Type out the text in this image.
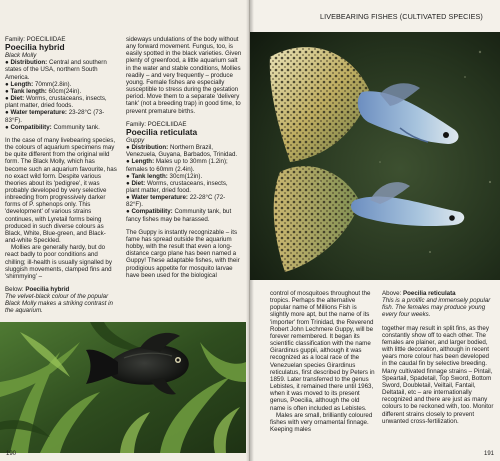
LIVEBEARING FISHES (CULTIVATED SPECIES)

Family: POECILIIDAE

Poecilia hybrid

Black Molly

● Distribution: Central and southern states of the USA, northern South America.

● Length: 70mm(2.8in).

● Tank length: 60cm(24in).

● Diet: Worms, crustaceans, insects, plant matter, dried foods.

● Water temperature: 23-28°C (73-83°F).

● Compatibility: Community tank.

In the case of many livebearing species, the colours of aquarium specimens may be quite different from the original wild form. The Black Molly, which has become such an aquarium favourite, has no exact wild form. Despite various theories about its 'pedigree', it was probably developed by very selective inbreeding from progressively darker forms of P. sphenops only. This 'development' of various strains continues, with Lyretail forms being produced in such diverse colours as Black, White, Blue-green, and Black-and-white Speckled.

Mollies are generally hardy, but do react badly to poor conditions and chilling; ill-health is usually signalled by sluggish movements, clamped fins and 'shimmying' –

Below: Poecilia hybrid

The velvet-black colour of the popular Black Molly makes a striking contrast in the aquarium.

sideways undulations of the body without any forward movement. Fungus, too, is easily spotted in the black varieties. Given plenty of greenfood, a little aquarium salt in the water and stable conditions, Mollies readily – and very frequently – produce young. Female fishes are especially susceptible to stress during the gestation period. Move them to a separate 'delivery tank' (not a breeding trap) in good time, to prevent premature births.

Family: POECILIIDAE

Poecilia reticulata

Guppy

● Distribution: Northern Brazil, Venezuela, Guyana, Barbados, Trinidad.

● Length: Males up to 30mm (1.2in); females to 60mm (2.4in).

● Tank length: 30cm(12in).

● Diet: Worms, crustaceans, insects, plant matter, dried food.

● Water temperature: 22-28°C (72-82°F).

● Compatibility: Community tank, but fancy fishes may be harassed.

The Guppy is instantly recognizable – its fame has spread outside the aquarium hobby, with the result that even a long-distance cargo plane has been named a Guppy! These adaptable fishes, with their prodigious appetite for mosquito larvae have been used for the biological

control of mosquitoes throughout the tropics. Perhaps the alternative popular name of Millions Fish is slightly more apt, but the name of its 'importer' from Trinidad, the Reverend Robert John Lechmere Guppy, will be forever remembered. It began its scientific classification with the name Girardinus guppii, although it was recognized as a local race of the Venezuelan species Girardinus reticulatus, first described by Peters in 1859. Later transferred to the genus Lebistes, it remained there until 1963, when it was moved to its present genus, Poecilia, although the old name is often included as Lebistes.

Males are small, brilliantly coloured fishes with very ornamental finnage. Keeping males

Above: Poecilia reticulata

This is a prolific and immensely popular fish. The females may produce young every four weeks.

together may result in split fins, as they constantly show off to each other. The females are plainer, and larger bodied, with little decoration, although in recent years more colour has been developed in the caudal fin by selective breeding. Many cultivated finnage strains – Pintail, Speartail, Spadetail, Top Sword, Bottom Sword, Doubletail, Veiltail, Fantail, Deltatail, etc – are internationally recognized and there are just as many colours to be reckoned with, too. Monitor different strains closely to prevent unwanted cross-fertilization.

190	191
